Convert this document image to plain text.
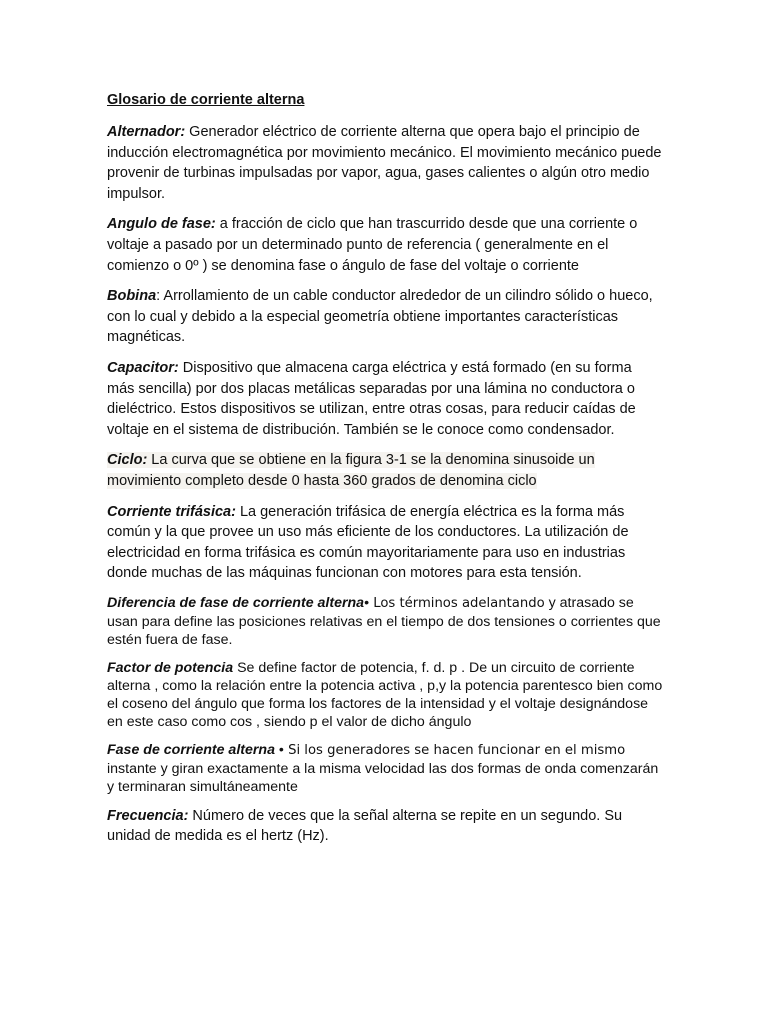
Glosario de corriente alterna

Alternador: Generador eléctrico de corriente alterna que opera bajo el principio de inducción electromagnética por movimiento mecánico. El movimiento mecánico puede provenir de turbinas impulsadas por vapor, agua, gases calientes o algún otro medio impulsor.

Angulo de fase: a fracción de ciclo que han trascurrido desde que una corriente o voltaje a pasado por un determinado punto de referencia ( generalmente en el comienzo o 0º ) se denomina fase o ángulo de fase del voltaje o corriente

Bobina: Arrollamiento de un cable conductor alrededor de un cilindro sólido o hueco, con lo cual y debido a la especial geometría obtiene importantes características magnéticas.

Capacitor: Dispositivo que almacena carga eléctrica y está formado (en su forma más sencilla) por dos placas metálicas separadas por una lámina no conductora o dieléctrico. Estos dispositivos se utilizan, entre otras cosas, para reducir caídas de voltaje en el sistema de distribución. También se le conoce como condensador.

Ciclo: La curva que se obtiene en la figura 3-1 se la denomina sinusoide un movimiento completo desde 0 hasta 360 grados de denomina ciclo

Corriente trifásica: La generación trifásica de energía eléctrica es la forma más común y la que provee un uso más eficiente de los conductores. La utilización de electricidad en forma trifásica es común mayoritariamente para uso en industrias donde muchas de las máquinas funcionan con motores para esta tensión.

Diferencia de fase de corriente alterna• Los términos adelantando y atrasado se usan para define las posiciones relativas en el tiempo de dos tensiones o corrientes que estén fuera de fase.

Factor de potencia Se define factor de potencia, f. d. p . De un circuito de corriente alterna , como la relación entre la potencia activa , p,y la potencia parentesco bien como el coseno del ángulo que forma los factores de la intensidad y el voltaje designándose en este caso como cos , siendo p el valor de dicho ángulo

Fase de corriente alterna • Si los generadores se hacen funcionar en el mismo instante y giran exactamente a la misma velocidad las dos formas de onda comenzarán y terminaran simultáneamente

Frecuencia: Número de veces que la señal alterna se repite en un segundo. Su unidad de medida es el hertz (Hz).
